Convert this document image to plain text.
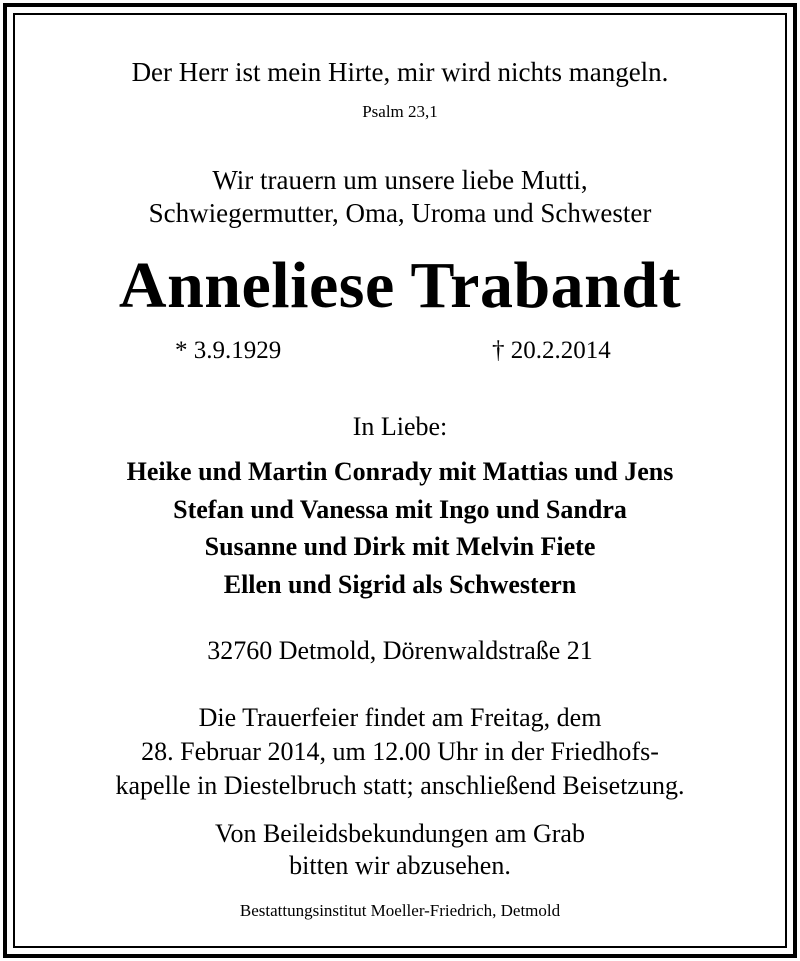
Der Herr ist mein Hirte, mir wird nichts mangeln.
Psalm 23,1
Wir trauern um unsere liebe Mutti,
Schwiegermutter, Oma, Uroma und Schwester
Anneliese Trabandt
* 3.9.1929	† 20.2.2014
In Liebe:
Heike und Martin Conrady mit Mattias und Jens
Stefan und Vanessa mit Ingo und Sandra
Susanne und Dirk mit Melvin Fiete
Ellen und Sigrid als Schwestern
32760 Detmold, Dörenwaldstraße 21
Die Trauerfeier findet am Freitag, dem
28. Februar 2014, um 12.00 Uhr in der Friedhofs-
kapelle in Diestelbruch statt; anschließend Beisetzung.
Von Beileidsbekundungen am Grab
bitten wir abzusehen.
Bestattungsinstitut Moeller-Friedrich, Detmold
